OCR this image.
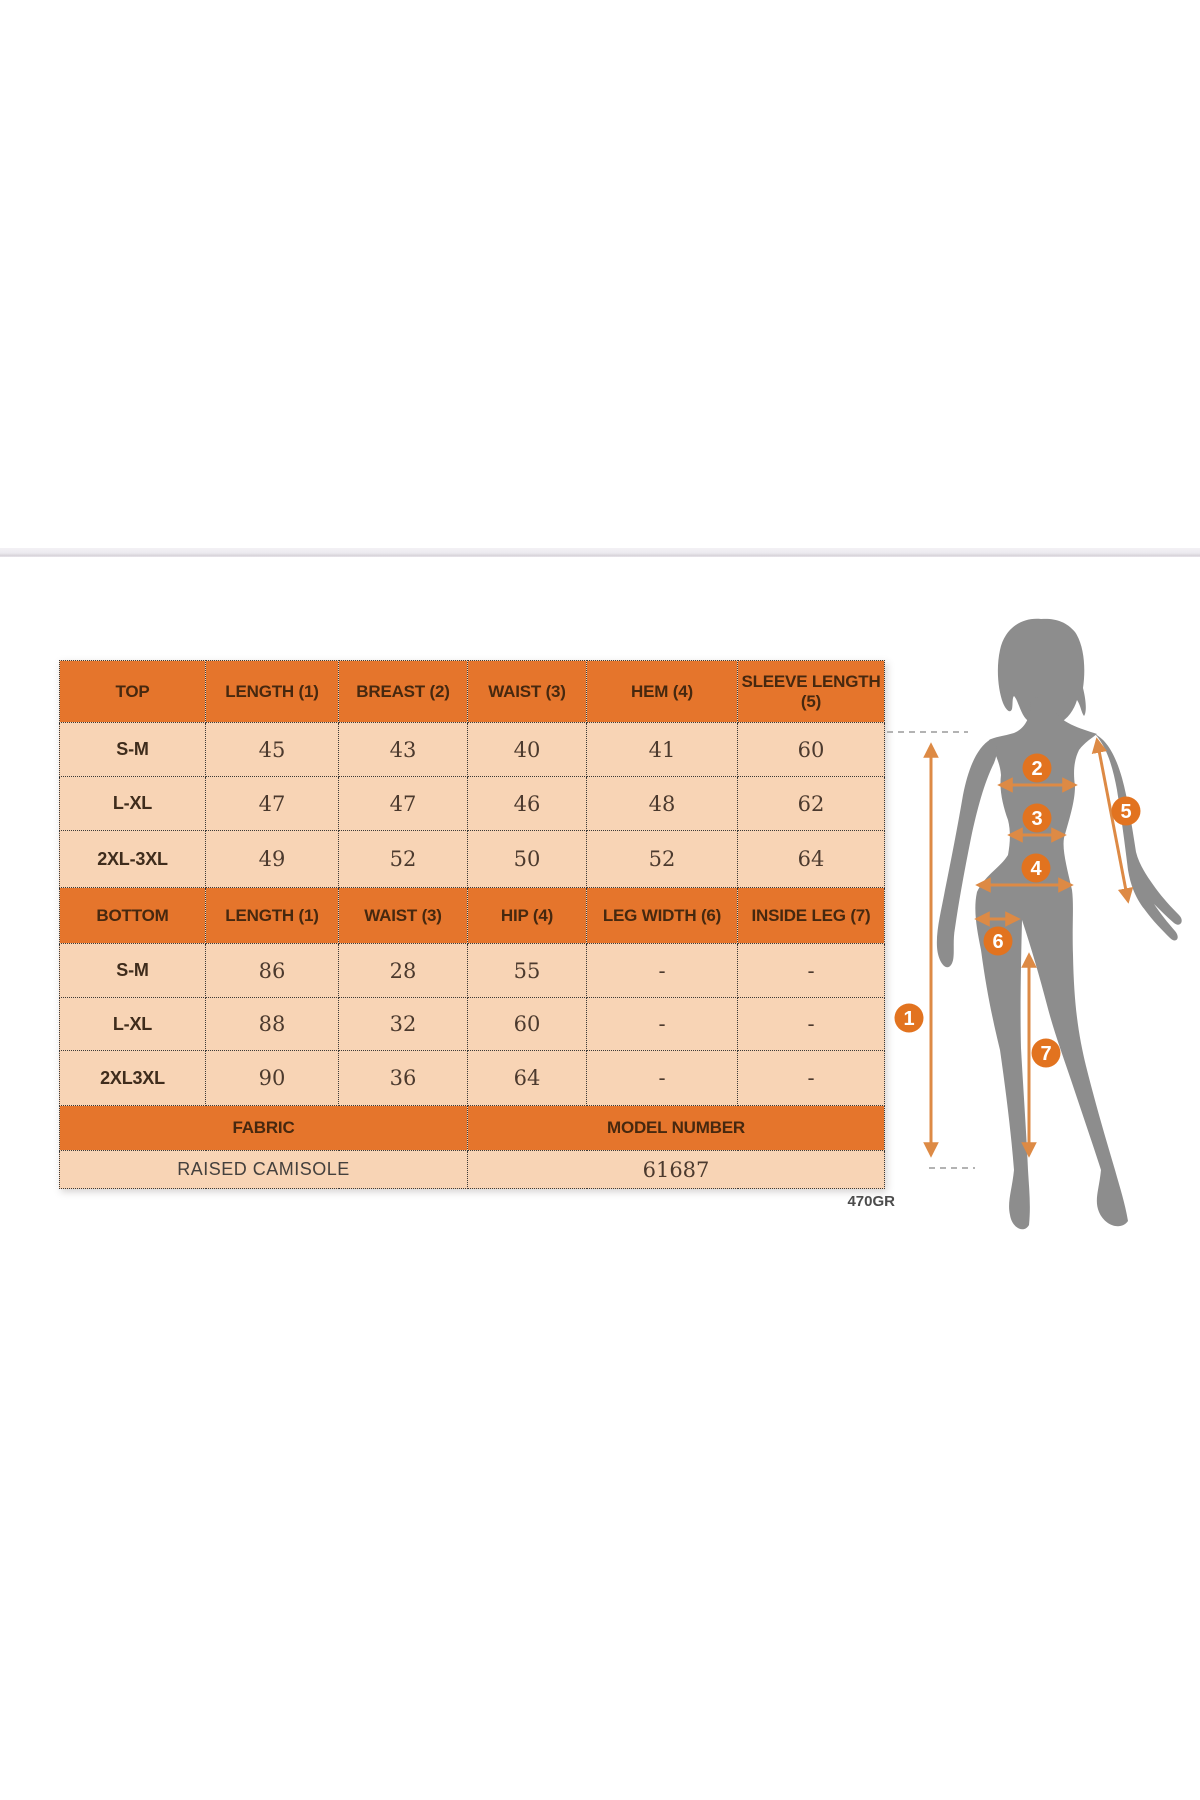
TOP	LENGTH (1)	BREAST (2)	WAIST (3)	HEM (4)	SLEEVE LENGTH (5)
S-M	45	43	40	41	60
L-XL	47	47	46	48	62
2XL-3XL	49	52	50	52	64
BOTTOM	LENGTH (1)	WAIST (3)	HIP (4)	LEG WIDTH (6)	INSIDE LEG (7)
S-M	86	28	55	-	-
L-XL	88	32	60	-	-
2XL3XL	90	36	64	-	-
FABRIC			MODEL NUMBER		
RAISED CAMISOLE			61687		
470GR
1
2
3
4
5
6
7
